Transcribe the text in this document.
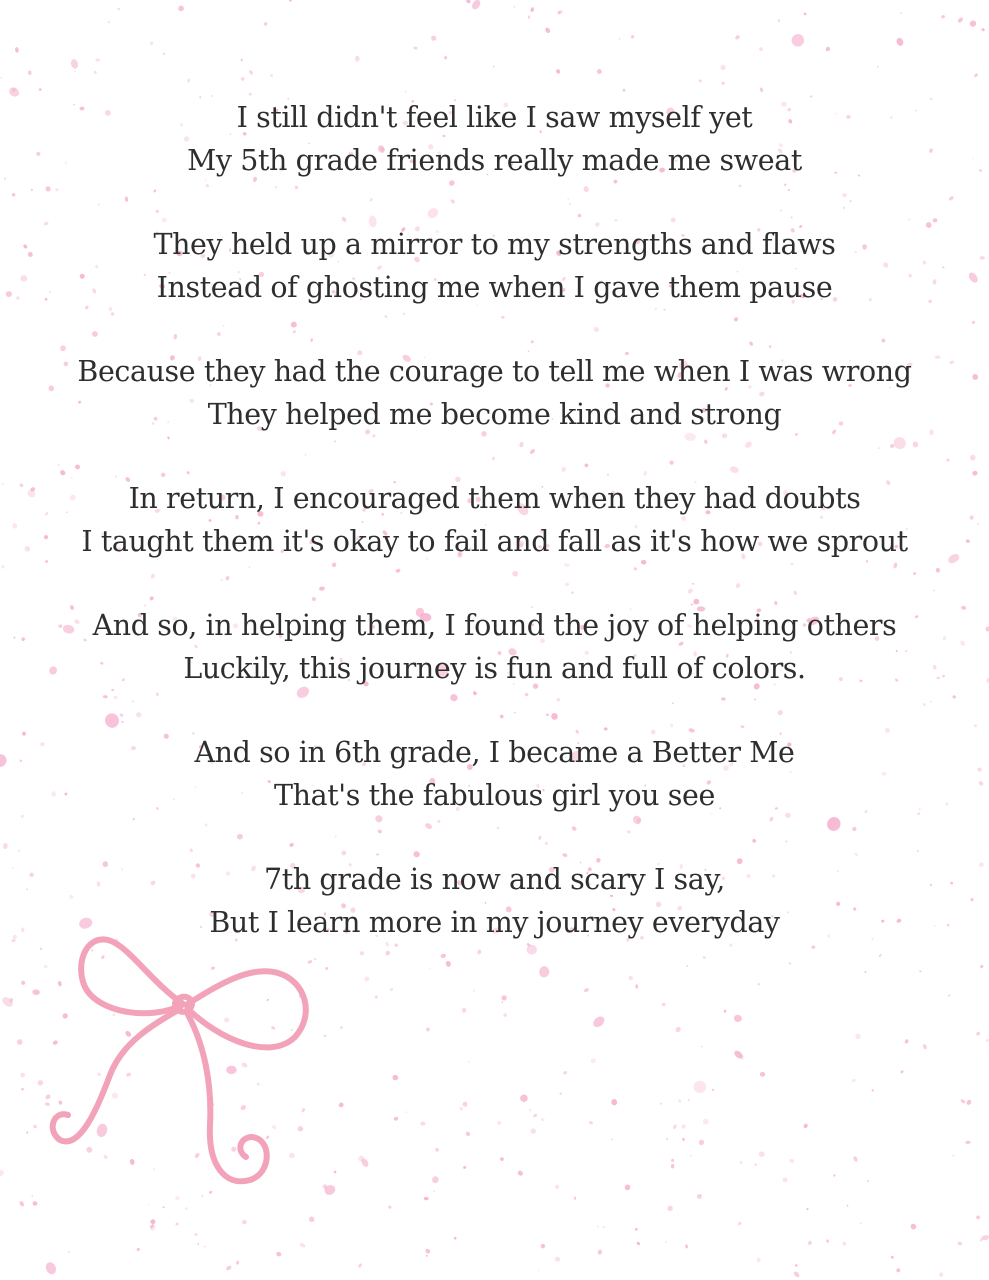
I still didn't feel like I saw myself yet
My 5th grade friends really made me sweat
They held up a mirror to my strengths and flaws
Instead of ghosting me when I gave them pause
Because they had the courage to tell me when I was wrong
They helped me become kind and strong
In return, I encouraged them when they had doubts
I taught them it's okay to fail and fall as it's how we sprout
And so, in helping them, I found the joy of helping others
Luckily, this journey is fun and full of colors.
And so in 6th grade, I became a Better Me
That's the fabulous girl you see
7th grade is now and scary I say,
But I learn more in my journey everyday
